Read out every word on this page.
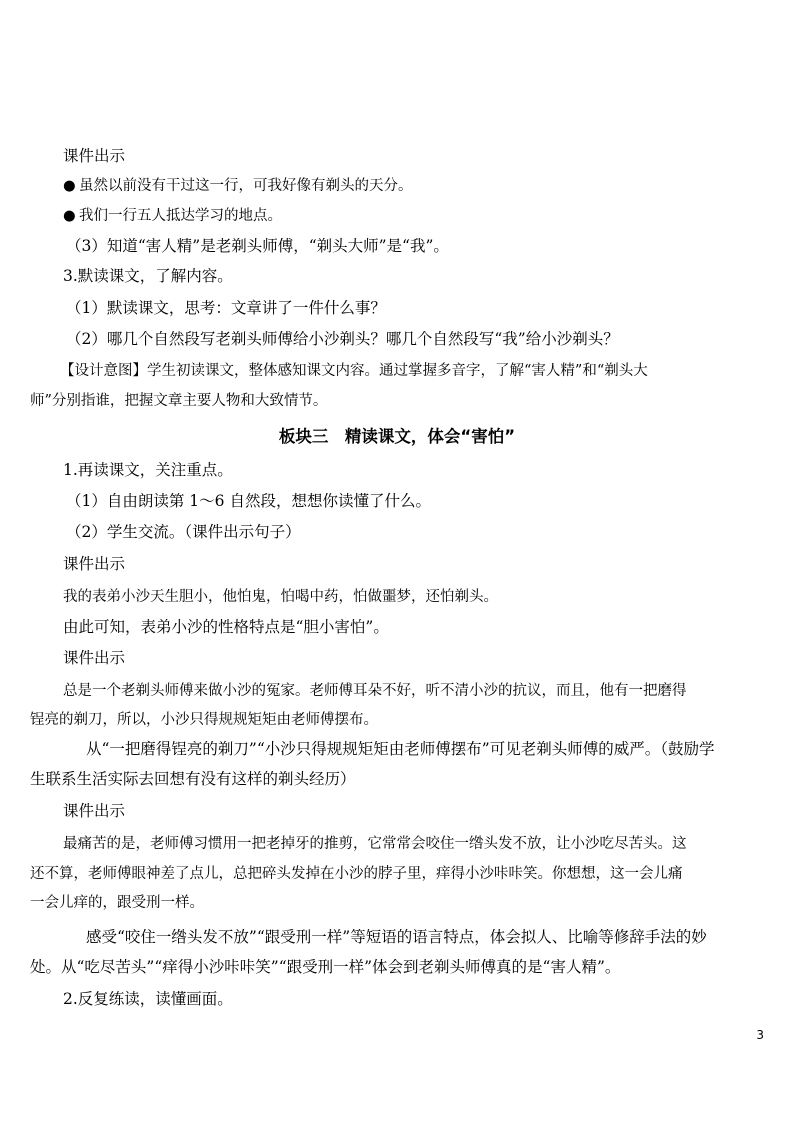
课件出示
● 虽然以前没有干过这一行，可我好像有剃头的天分。
● 我们一行五人抵达学习的地点。
（3）知道“害人精”是老剃头师傅，“剃头大师”是“我”。
3.默读课文，了解内容。
（1）默读课文，思考：文章讲了一件什么事？
（2）哪几个自然段写老剃头师傅给小沙剃头？哪几个自然段写“我”给小沙剃头？
【设计意图】学生初读课文，整体感知课文内容。通过掌握多音字，了解“害人精”和“剃头大
师”分别指谁，把握文章主要人物和大致情节。
板块三　精读课文，体会“害怕”
1.再读课文，关注重点。
（1）自由朗读第 1～6 自然段，想想你读懂了什么。
（2）学生交流。（课件出示句子）
课件出示
我的表弟小沙天生胆小，他怕鬼，怕喝中药，怕做噩梦，还怕剃头。
由此可知，表弟小沙的性格特点是“胆小害怕”。
课件出示
总是一个老剃头师傅来做小沙的冤家。老师傅耳朵不好，听不清小沙的抗议，而且，他有一把磨得
锃亮的剃刀，所以，小沙只得规规矩矩由老师傅摆布。
从“一把磨得锃亮的剃刀”“小沙只得规规矩矩由老师傅摆布”可见老剃头师傅的威严。（鼓励学
生联系生活实际去回想有没有这样的剃头经历）
课件出示
最痛苦的是，老师傅习惯用一把老掉牙的推剪，它常常会咬住一绺头发不放，让小沙吃尽苦头。这
还不算，老师傅眼神差了点儿，总把碎头发掉在小沙的脖子里，痒得小沙咔咔笑。你想想，这一会儿痛
一会儿痒的，跟受刑一样。
感受“咬住一绺头发不放”“跟受刑一样”等短语的语言特点，体会拟人、比喻等修辞手法的妙
处。从“吃尽苦头”“痒得小沙咔咔笑”“跟受刑一样”体会到老剃头师傅真的是“害人精”。
2.反复练读，读懂画面。
3
